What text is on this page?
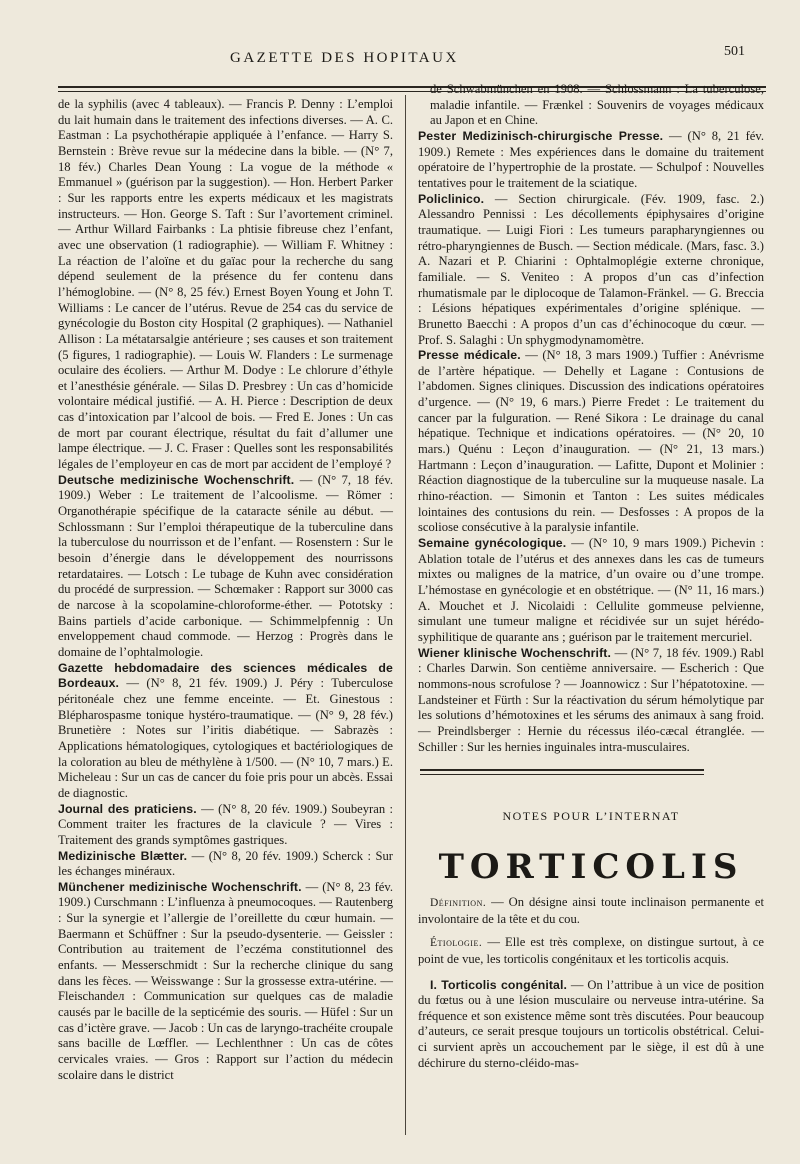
GAZETTE DES HOPITAUX	501

de la syphilis (avec 4 tableaux). — Francis P. Denny : L’emploi du lait humain dans le traitement des infections diverses. — A. C. Eastman : La psychothérapie appliquée à l’enfance. — Harry S. Bernstein : Brève revue sur la médecine dans la bible. — (N° 7, 18 fév.) Charles Dean Young : La vogue de la méthode « Emmanuel » (guérison par la suggestion). — Hon. Herbert Parker : Sur les rapports entre les experts médicaux et les magistrats instructeurs. — Hon. George S. Taft : Sur l’avortement criminel. — Arthur Willard Fairbanks : La phtisie fibreuse chez l’enfant, avec une observation (1 radiographie). — William F. Whitney : La réaction de l’aloïne et du gaïac pour la recherche du sang dépend seulement de la présence du fer contenu dans l’hémoglobine. — (N° 8, 25 fév.) Ernest Boyen Young et John T. Williams : Le cancer de l’utérus. Revue de 254 cas du service de gynécologie du Boston city Hospital (2 graphiques). — Nathaniel Allison : La métatarsalgie antérieure ; ses causes et son traitement (5 figures, 1 radiographie). — Louis W. Flanders : Le surmenage oculaire des écoliers. — Arthur M. Dodye : Le chlorure d’éthyle et l’anesthésie générale. — Silas D. Presbrey : Un cas d’homicide volontaire médical justifié. — A. H. Pierce : Description de deux cas d’intoxication par l’alcool de bois. — Fred E. Jones : Un cas de mort par courant électrique, résultat du fait d’allumer une lampe électrique. — J. C. Fraser : Quelles sont les responsabilités légales de l’employeur en cas de mort par accident de l’employé ?

Deutsche medizinische Wochenschrift. — (N° 7, 18 fév. 1909.) Weber : Le traitement de l’alcoolisme. — Römer : Organothérapie spécifique de la cataracte sénile au début. — Schlossmann : Sur l’emploi thérapeutique de la tuberculine dans la tuberculose du nourrisson et de l’enfant. — Rosenstern : Sur le besoin d’énergie dans le développement des nourrissons retardataires. — Lotsch : Le tubage de Kuhn avec considération du procédé de surpression. — Schœmaker : Rapport sur 3000 cas de narcose à la scopolamine-chloroforme-éther. — Pototsky : Bains partiels d’acide carbonique. — Schimmelpfennig : Un enveloppement chaud commode. — Herzog : Progrès dans le domaine de l’ophtalmologie.

Gazette hebdomadaire des sciences médicales de Bordeaux. — (N° 8, 21 fév. 1909.) J. Péry : Tuberculose péritonéale chez une femme enceinte. — Et. Ginestous : Blépharospasme tonique hystéro-traumatique. — (N° 9, 28 fév.) Brunetière : Notes sur l’iritis diabétique. — Sabrazès : Applications hématologiques, cytologiques et bactériologiques de la coloration au bleu de méthylène à 1/500. — (N° 10, 7 mars.) E. Micheleau : Sur un cas de cancer du foie pris pour un abcès. Essai de diagnostic.

Journal des praticiens. — (N° 8, 20 fév. 1909.) Soubeyran : Comment traiter les fractures de la clavicule ? — Vires : Traitement des grands symptômes gastriques.

Medizinische Blætter. — (N° 8, 20 fév. 1909.) Scherck : Sur les échanges minéraux.

Münchener medizinische Wochenschrift. — (N° 8, 23 fév. 1909.) Curschmann : L’influenza à pneumocoques. — Rautenberg : Sur la synergie et l’allergie de l’oreillette du cœur humain. — Baermann et Schüffner : Sur la pseudo-dysenterie. — Geissler : Contribution au traitement de l’eczéma constitutionnel des enfants. — Messerschmidt : Sur la recherche clinique du sang dans les fèces. — Weisswange : Sur la grossesse extra-utérine. — Fleischandeл : Communication sur quelques cas de maladie causés par le bacille de la septicémie des souris. — Hüfel : Sur un cas d’ictère grave. — Jacob : Un cas de laryngo-trachéite croupale sans bacille de Lœffler. — Lechlenthner : Un cas de côtes cervicales vraies. — Gros : Rapport sur l’action du médecin scolaire dans le district

de Schwabmünchen en 1908. — Schlossmann : La tuberculose, maladie infantile. — Frænkel : Souvenirs de voyages médicaux au Japon et en Chine.

Pester Medizinisch-chirurgische Presse. — (N° 8, 21 fév. 1909.) Remete : Mes expériences dans le domaine du traitement opératoire de l’hypertrophie de la prostate. — Schulpof : Nouvelles tentatives pour le traitement de la sciatique.

Policlinico. — Section chirurgicale. (Fév. 1909, fasc. 2.) Alessandro Pennissi : Les décollements épiphysaires d’origine traumatique. — Luigi Fiori : Les tumeurs parapharyngiennes ou rétro-pharyngiennes de Busch. — Section médicale. (Mars, fasc. 3.) A. Nazari et P. Chiarini : Ophtalmoplégie externe chronique, familiale. — S. Veniteo : A propos d’un cas d’infection rhumatismale par le diplocoque de Talamon-Fränkel. — G. Breccia : Lésions hépatiques expérimentales d’origine splénique. — Brunetto Baecchi : A propos d’un cas d’échinocoque du cœur. — Prof. S. Salaghi : Un sphygmodynamomètre.

Presse médicale. — (N° 18, 3 mars 1909.) Tuffier : Anévrisme de l’artère hépatique. — Dehelly et Lagane : Contusions de l’abdomen. Signes cliniques. Discussion des indications opératoires d’urgence. — (N° 19, 6 mars.) Pierre Fredet : Le traitement du cancer par la fulguration. — René Sikora : Le drainage du canal hépatique. Technique et indications opératoires. — (N° 20, 10 mars.) Quénu : Leçon d’inauguration. — (N° 21, 13 mars.) Hartmann : Leçon d’inauguration. — Lafitte, Dupont et Molinier : Réaction diagnostique de la tuberculine sur la muqueuse nasale. La rhino-réaction. — Simonin et Tanton : Les suites médicales lointaines des contusions du rein. — Desfosses : A propos de la scoliose consécutive à la paralysie infantile.

Semaine gynécologique. — (N° 10, 9 mars 1909.) Pichevin : Ablation totale de l’utérus et des annexes dans les cas de tumeurs mixtes ou malignes de la matrice, d’un ovaire ou d’une trompe. L’hémostase en gynécologie et en obstétrique. — (N° 11, 16 mars.) A. Mouchet et J. Nicolaidi : Cellulite gommeuse pelvienne, simulant une tumeur maligne et récidivée sur un sujet hérédo-syphilitique de quarante ans ; guérison par le traitement mercuriel.

Wiener klinische Wochenschrift. — (N° 7, 18 fév. 1909.) Rabl : Charles Darwin. Son centième anniversaire. — Escherich : Que nommons-nous scrofulose ? — Joannowicz : Sur l’hépatotoxine. — Landsteiner et Fürth : Sur la réactivation du sérum hémolytique par les solutions d’hémotoxines et les sérums des animaux à sang froid. — Preindlsberger : Hernie du récessus iléo-cæcal étranglée. — Schiller : Sur les hernies inguinales intra-musculaires.

NOTES POUR L’INTERNAT
TORTICOLIS

Définition. — On désigne ainsi toute inclinaison permanente et involontaire de la tête et du cou.

Étiologie. — Elle est très complexe, on distingue surtout, à ce point de vue, les torticolis congénitaux et les torticolis acquis.

I. Torticolis congénital. — On l’attribue à un vice de position du fœtus ou à une lésion musculaire ou nerveuse intra-utérine. Sa fréquence et son existence même sont très discutées. Pour beaucoup d’auteurs, ce serait presque toujours un torticolis obstétrical. Celui-ci survient après un accouchement par le siège, il est dû à une déchirure du sterno-cléido-mas-
